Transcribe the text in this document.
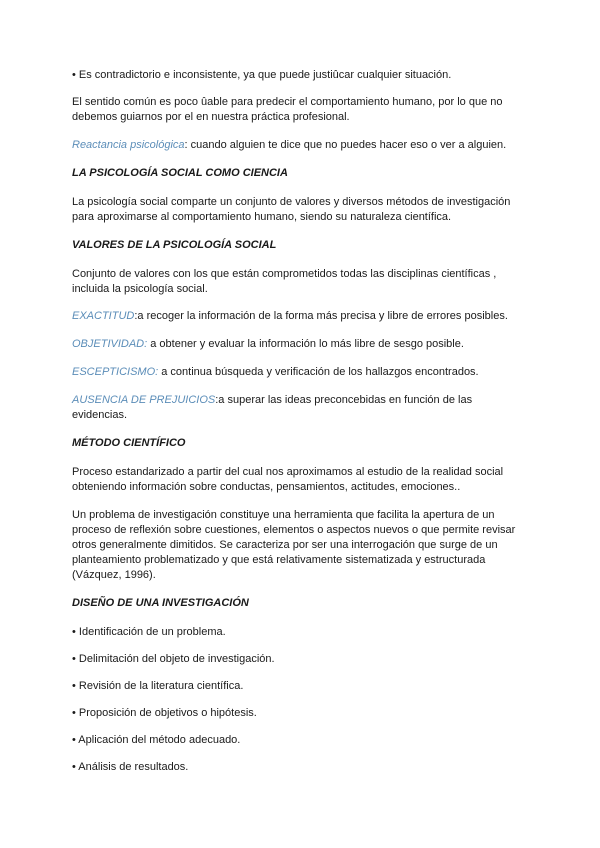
• Es contradictorio e inconsistente, ya que puede justiûcar cualquier situación.

El sentido común es poco ûable para predecir el comportamiento humano, por lo que no debemos guiarnos por el en nuestra práctica profesional.

Reactancia psicológica: cuando alguien te dice que no puedes hacer eso o ver a alguien.

LA PSICOLOGÍA SOCIAL COMO CIENCIA

La psicología social comparte un conjunto de valores y diversos métodos de investigación para aproximarse al comportamiento humano, siendo su naturaleza científica.

VALORES DE LA PSICOLOGÍA SOCIAL

Conjunto de valores con los que están comprometidos todas las disciplinas científicas , incluida la psicología social.

EXACTITUD:a recoger la información de la forma más precisa y libre de errores posibles.

OBJETIVIDAD: a obtener y evaluar la información lo más libre de sesgo posible.

ESCEPTICISMO: a continua búsqueda y verificación de los hallazgos encontrados.

AUSENCIA DE PREJUICIOS:a superar las ideas preconcebidas en función de las evidencias.

MÉTODO CIENTÍFICO

Proceso estandarizado a partir del cual nos aproximamos al estudio de la realidad social obteniendo información sobre conductas, pensamientos, actitudes, emociones..

Un problema de investigación constituye una herramienta que facilita la apertura de un proceso de reflexión sobre cuestiones, elementos o aspectos nuevos o que permite revisar otros generalmente dimitidos. Se caracteriza por ser una interrogación que surge de un planteamiento problematizado y que está relativamente sistematizada y estructurada (Vázquez, 1996).

DISEÑO DE UNA INVESTIGACIÓN

• Identificación de un problema.

• Delimitación del objeto de investigación.

• Revisión de la literatura científica.

• Proposición de objetivos o hipótesis.

• Aplicación del método adecuado.

• Análisis de resultados.
